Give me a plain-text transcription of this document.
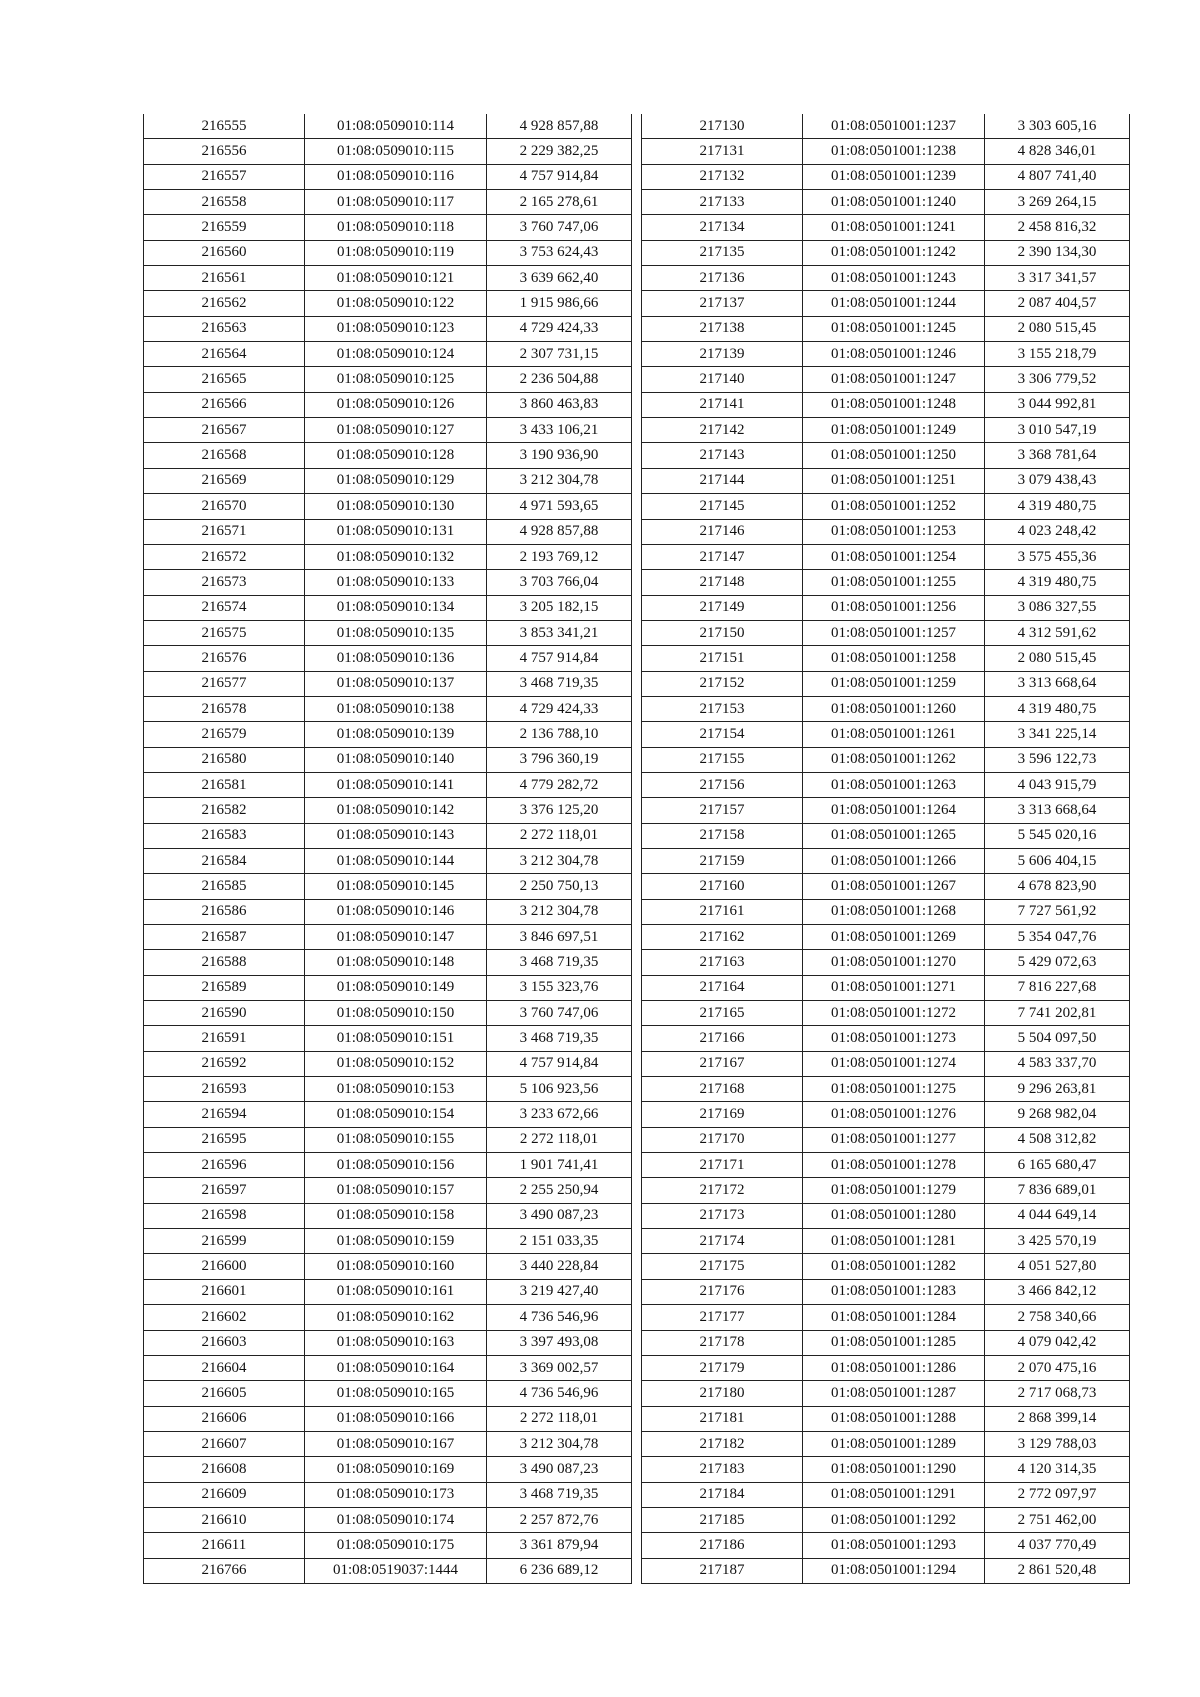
216555	01:08:0509010:114	4 928 857,88
216556	01:08:0509010:115	2 229 382,25
216557	01:08:0509010:116	4 757 914,84
216558	01:08:0509010:117	2 165 278,61
216559	01:08:0509010:118	3 760 747,06
216560	01:08:0509010:119	3 753 624,43
216561	01:08:0509010:121	3 639 662,40
216562	01:08:0509010:122	1 915 986,66
216563	01:08:0509010:123	4 729 424,33
216564	01:08:0509010:124	2 307 731,15
216565	01:08:0509010:125	2 236 504,88
216566	01:08:0509010:126	3 860 463,83
216567	01:08:0509010:127	3 433 106,21
216568	01:08:0509010:128	3 190 936,90
216569	01:08:0509010:129	3 212 304,78
216570	01:08:0509010:130	4 971 593,65
216571	01:08:0509010:131	4 928 857,88
216572	01:08:0509010:132	2 193 769,12
216573	01:08:0509010:133	3 703 766,04
216574	01:08:0509010:134	3 205 182,15
216575	01:08:0509010:135	3 853 341,21
216576	01:08:0509010:136	4 757 914,84
216577	01:08:0509010:137	3 468 719,35
216578	01:08:0509010:138	4 729 424,33
216579	01:08:0509010:139	2 136 788,10
216580	01:08:0509010:140	3 796 360,19
216581	01:08:0509010:141	4 779 282,72
216582	01:08:0509010:142	3 376 125,20
216583	01:08:0509010:143	2 272 118,01
216584	01:08:0509010:144	3 212 304,78
216585	01:08:0509010:145	2 250 750,13
216586	01:08:0509010:146	3 212 304,78
216587	01:08:0509010:147	3 846 697,51
216588	01:08:0509010:148	3 468 719,35
216589	01:08:0509010:149	3 155 323,76
216590	01:08:0509010:150	3 760 747,06
216591	01:08:0509010:151	3 468 719,35
216592	01:08:0509010:152	4 757 914,84
216593	01:08:0509010:153	5 106 923,56
216594	01:08:0509010:154	3 233 672,66
216595	01:08:0509010:155	2 272 118,01
216596	01:08:0509010:156	1 901 741,41
216597	01:08:0509010:157	2 255 250,94
216598	01:08:0509010:158	3 490 087,23
216599	01:08:0509010:159	2 151 033,35
216600	01:08:0509010:160	3 440 228,84
216601	01:08:0509010:161	3 219 427,40
216602	01:08:0509010:162	4 736 546,96
216603	01:08:0509010:163	3 397 493,08
216604	01:08:0509010:164	3 369 002,57
216605	01:08:0509010:165	4 736 546,96
216606	01:08:0509010:166	2 272 118,01
216607	01:08:0509010:167	3 212 304,78
216608	01:08:0509010:169	3 490 087,23
216609	01:08:0509010:173	3 468 719,35
216610	01:08:0509010:174	2 257 872,76
216611	01:08:0509010:175	3 361 879,94
216766	01:08:0519037:1444	6 236 689,12
217130	01:08:0501001:1237	3 303 605,16
217131	01:08:0501001:1238	4 828 346,01
217132	01:08:0501001:1239	4 807 741,40
217133	01:08:0501001:1240	3 269 264,15
217134	01:08:0501001:1241	2 458 816,32
217135	01:08:0501001:1242	2 390 134,30
217136	01:08:0501001:1243	3 317 341,57
217137	01:08:0501001:1244	2 087 404,57
217138	01:08:0501001:1245	2 080 515,45
217139	01:08:0501001:1246	3 155 218,79
217140	01:08:0501001:1247	3 306 779,52
217141	01:08:0501001:1248	3 044 992,81
217142	01:08:0501001:1249	3 010 547,19
217143	01:08:0501001:1250	3 368 781,64
217144	01:08:0501001:1251	3 079 438,43
217145	01:08:0501001:1252	4 319 480,75
217146	01:08:0501001:1253	4 023 248,42
217147	01:08:0501001:1254	3 575 455,36
217148	01:08:0501001:1255	4 319 480,75
217149	01:08:0501001:1256	3 086 327,55
217150	01:08:0501001:1257	4 312 591,62
217151	01:08:0501001:1258	2 080 515,45
217152	01:08:0501001:1259	3 313 668,64
217153	01:08:0501001:1260	4 319 480,75
217154	01:08:0501001:1261	3 341 225,14
217155	01:08:0501001:1262	3 596 122,73
217156	01:08:0501001:1263	4 043 915,79
217157	01:08:0501001:1264	3 313 668,64
217158	01:08:0501001:1265	5 545 020,16
217159	01:08:0501001:1266	5 606 404,15
217160	01:08:0501001:1267	4 678 823,90
217161	01:08:0501001:1268	7 727 561,92
217162	01:08:0501001:1269	5 354 047,76
217163	01:08:0501001:1270	5 429 072,63
217164	01:08:0501001:1271	7 816 227,68
217165	01:08:0501001:1272	7 741 202,81
217166	01:08:0501001:1273	5 504 097,50
217167	01:08:0501001:1274	4 583 337,70
217168	01:08:0501001:1275	9 296 263,81
217169	01:08:0501001:1276	9 268 982,04
217170	01:08:0501001:1277	4 508 312,82
217171	01:08:0501001:1278	6 165 680,47
217172	01:08:0501001:1279	7 836 689,01
217173	01:08:0501001:1280	4 044 649,14
217174	01:08:0501001:1281	3 425 570,19
217175	01:08:0501001:1282	4 051 527,80
217176	01:08:0501001:1283	3 466 842,12
217177	01:08:0501001:1284	2 758 340,66
217178	01:08:0501001:1285	4 079 042,42
217179	01:08:0501001:1286	2 070 475,16
217180	01:08:0501001:1287	2 717 068,73
217181	01:08:0501001:1288	2 868 399,14
217182	01:08:0501001:1289	3 129 788,03
217183	01:08:0501001:1290	4 120 314,35
217184	01:08:0501001:1291	2 772 097,97
217185	01:08:0501001:1292	2 751 462,00
217186	01:08:0501001:1293	4 037 770,49
217187	01:08:0501001:1294	2 861 520,48
